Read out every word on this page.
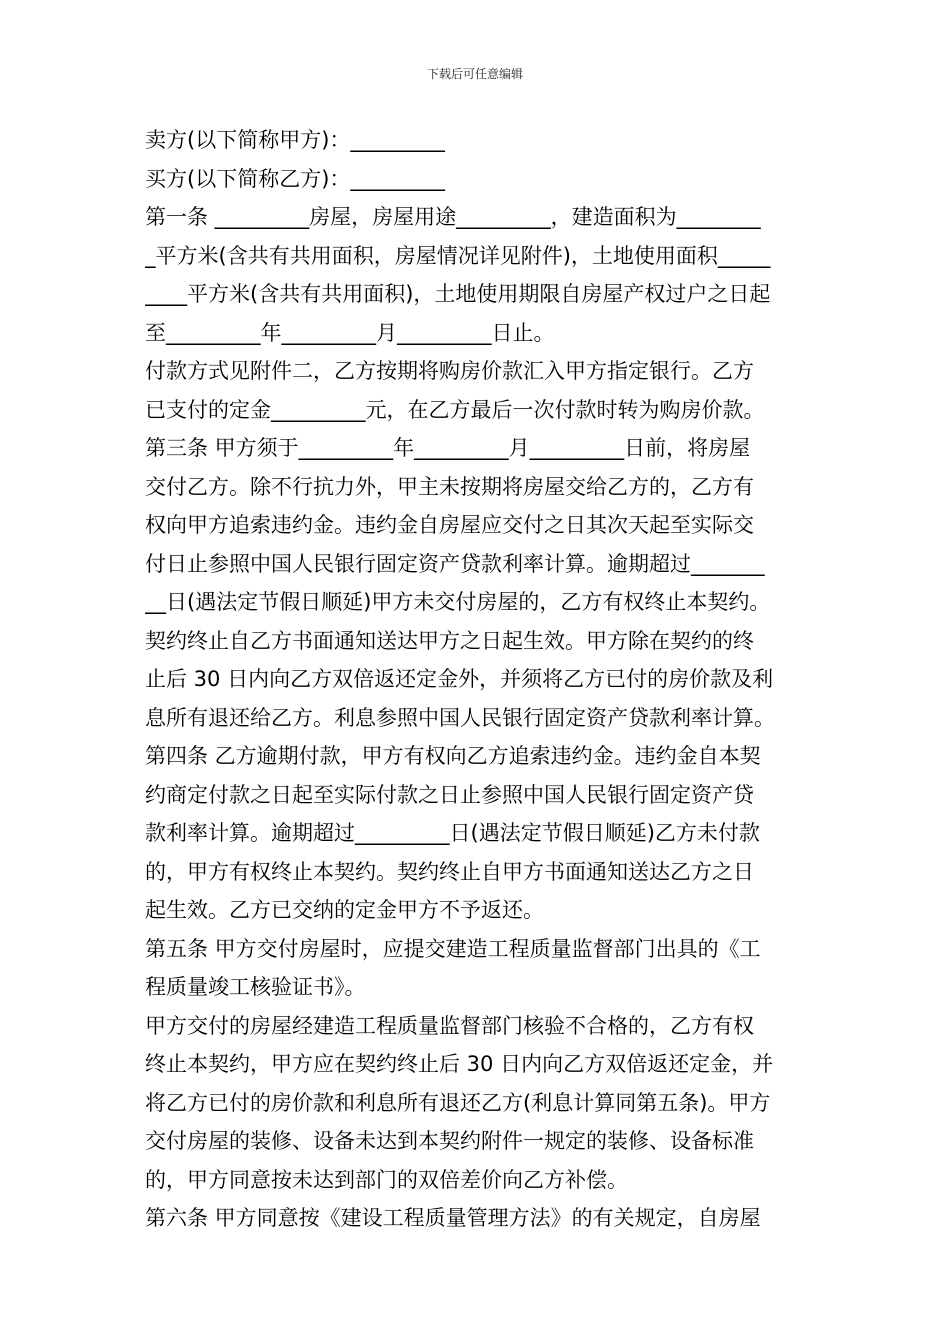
下载后可任意编辑
卖方(以下简称甲方)：_________
买方(以下简称乙方)：_________
第一条 _________房屋，房屋用途_________，建造面积为________
_平方米(含共有共用面积，房屋情况详见附件)，土地使用面积_____
____平方米(含共有共用面积)，土地使用期限自房屋产权过户之日起
至_________年_________月_________日止。
付款方式见附件二，乙方按期将购房价款汇入甲方指定银行。乙方
已支付的定金_________元，在乙方最后一次付款时转为购房价款。
第三条 甲方须于_________年_________月_________日前，将房屋
交付乙方。除不行抗力外，甲主未按期将房屋交给乙方的，乙方有
权向甲方追索违约金。违约金自房屋应交付之日其次天起至实际交
付日止参照中国人民银行固定资产贷款利率计算。逾期超过_______
__日(遇法定节假日顺延)甲方未交付房屋的，乙方有权终止本契约。
契约终止自乙方书面通知送达甲方之日起生效。甲方除在契约的终
止后 30 日内向乙方双倍返还定金外，并须将乙方已付的房价款及利
息所有退还给乙方。利息参照中国人民银行固定资产贷款利率计算。
第四条 乙方逾期付款，甲方有权向乙方追索违约金。违约金自本契
约商定付款之日起至实际付款之日止参照中国人民银行固定资产贷
款利率计算。逾期超过_________日(遇法定节假日顺延)乙方未付款
的，甲方有权终止本契约。契约终止自甲方书面通知送达乙方之日
起生效。乙方已交纳的定金甲方不予返还。
第五条 甲方交付房屋时，应提交建造工程质量监督部门出具的《工
程质量竣工核验证书》。
甲方交付的房屋经建造工程质量监督部门核验不合格的，乙方有权
终止本契约，甲方应在契约终止后 30 日内向乙方双倍返还定金，并
将乙方已付的房价款和利息所有退还乙方(利息计算同第五条)。甲方
交付房屋的装修、设备未达到本契约附件一规定的装修、设备标准
的，甲方同意按未达到部门的双倍差价向乙方补偿。
第六条 甲方同意按《建设工程质量管理方法》的有关规定，自房屋
